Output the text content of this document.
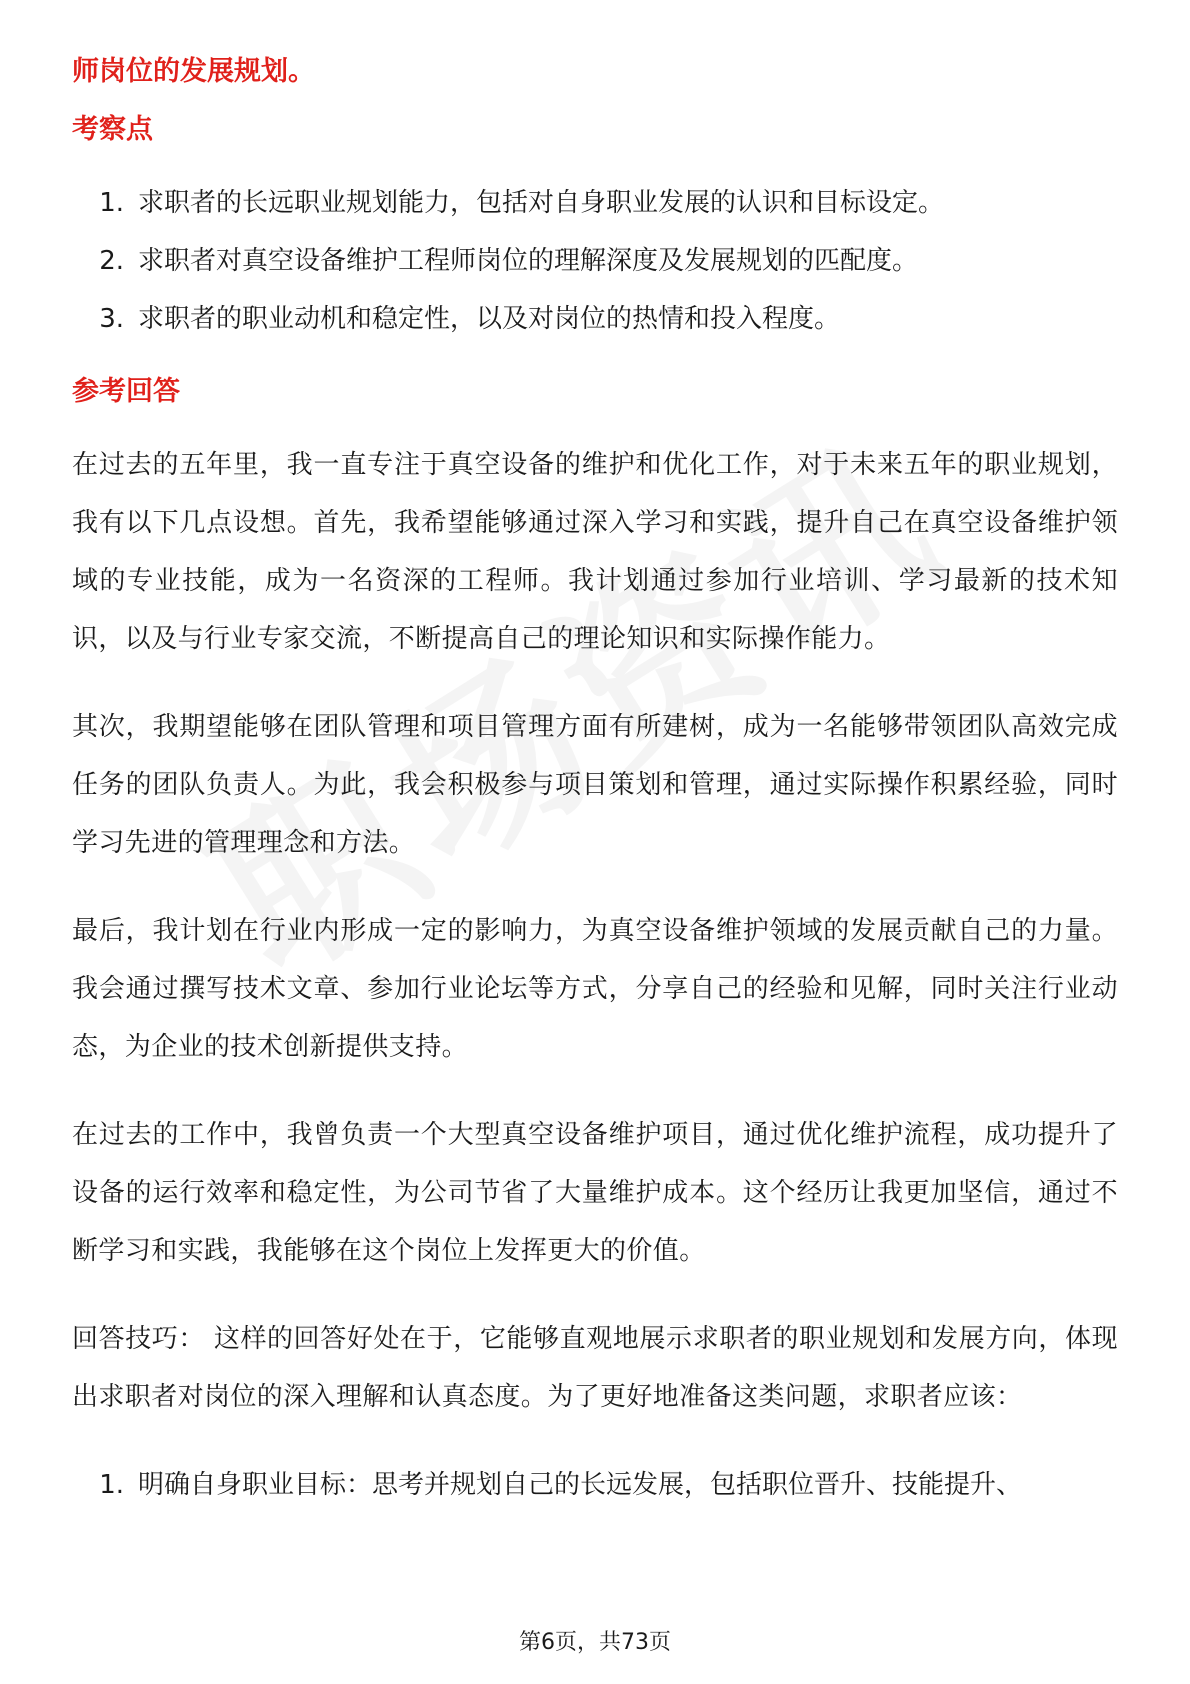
师岗位的发展规划。
考察点
1. 求职者的长远职业规划能力，包括对自身职业发展的认识和目标设定。
2. 求职者对真空设备维护工程师岗位的理解深度及发展规划的匹配度。
3. 求职者的职业动机和稳定性，以及对岗位的热情和投入程度。
参考回答

在过去的五年里，我一直专注于真空设备的维护和优化工作，对于未来五年的职业规划，我有以下几点设想。首先，我希望能够通过深入学习和实践，提升自己在真空设备维护领域的专业技能，成为一名资深的工程师。我计划通过参加行业培训、学习最新的技术知识，以及与行业专家交流，不断提高自己的理论知识和实际操作能力。

其次，我期望能够在团队管理和项目管理方面有所建树，成为一名能够带领团队高效完成任务的团队负责人。为此，我会积极参与项目策划和管理，通过实际操作积累经验，同时学习先进的管理理念和方法。

最后，我计划在行业内形成一定的影响力，为真空设备维护领域的发展贡献自己的力量。我会通过撰写技术文章、参加行业论坛等方式，分享自己的经验和见解，同时关注行业动态，为企业的技术创新提供支持。

在过去的工作中，我曾负责一个大型真空设备维护项目，通过优化维护流程，成功提升了设备的运行效率和稳定性，为公司节省了大量维护成本。这个经历让我更加坚信，通过不断学习和实践，我能够在这个岗位上发挥更大的价值。

回答技巧： 这样的回答好处在于，它能够直观地展示求职者的职业规划和发展方向，体现出求职者对岗位的深入理解和认真态度。为了更好地准备这类问题，求职者应该：

1. 明确自身职业目标：思考并规划自己的长远发展，包括职位晋升、技能提升、
第6页，共73页
